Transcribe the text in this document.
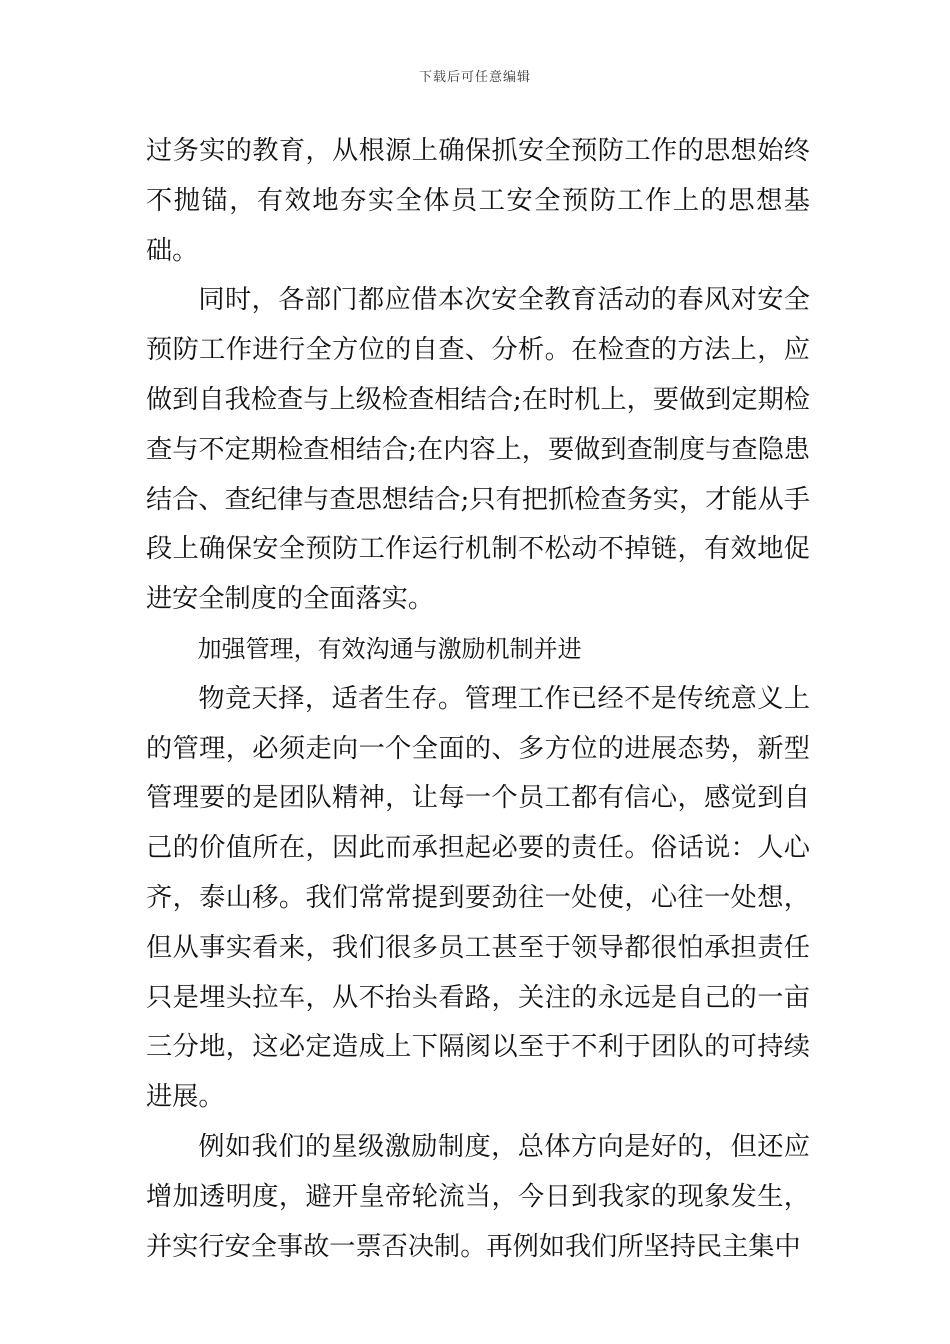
下载后可任意编辑

过务实的教育，从根源上确保抓安全预防工作的思想始终不抛锚，有效地夯实全体员工安全预防工作上的思想基础。

同时，各部门都应借本次安全教育活动的春风对安全预防工作进行全方位的自查、分析。在检查的方法上，应做到自我检查与上级检查相结合;在时机上，要做到定期检查与不定期检查相结合;在内容上，要做到查制度与查隐患结合、查纪律与查思想结合;只有把抓检查务实，才能从手段上确保安全预防工作运行机制不松动不掉链，有效地促进安全制度的全面落实。

加强管理，有效沟通与激励机制并进

物竞天择，适者生存。管理工作已经不是传统意义上的管理，必须走向一个全面的、多方位的进展态势，新型管理要的是团队精神，让每一个员工都有信心，感觉到自己的价值所在，因此而承担起必要的责任。俗话说：人心齐，泰山移。我们常常提到要劲往一处使，心往一处想，但从事实看来，我们很多员工甚至于领导都很怕承担责任只是埋头拉车，从不抬头看路，关注的永远是自己的一亩三分地，这必定造成上下隔阂以至于不利于团队的可持续进展。

例如我们的星级激励制度，总体方向是好的，但还应增加透明度，避开皇帝轮流当，今日到我家的现象发生，并实行安全事故一票否决制。再例如我们所坚持民主集中
